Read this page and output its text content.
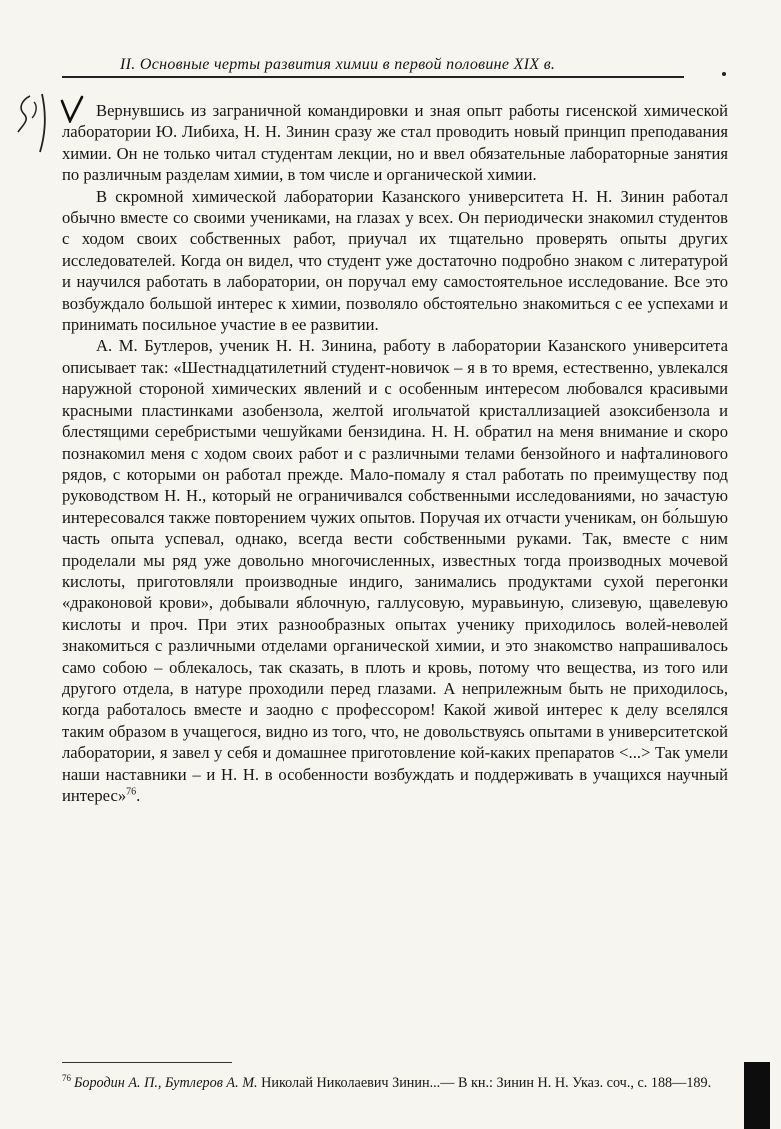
II. Основные черты развития химии в первой половине XIX в.

Вернувшись из заграничной командировки и зная опыт работы гисенской химической лаборатории Ю. Либиха, Н. Н. Зинин сразу же стал проводить новый принцип преподавания химии. Он не только читал студентам лекции, но и ввел обязательные лабораторные занятия по различным разделам химии, в том числе и органической химии.

В скромной химической лаборатории Казанского университета Н. Н. Зинин работал обычно вместе со своими учениками, на глазах у всех. Он периодически знакомил студентов с ходом своих собственных работ, приучал их тщательно проверять опыты других исследователей. Когда он видел, что студент уже достаточно подробно знаком с литературой и научился работать в лаборатории, он поручал ему самостоятельное исследование. Все это возбуждало большой интерес к химии, позволяло обстоятельно знакомиться с ее успехами и принимать посильное участие в ее развитии.

А. М. Бутлеров, ученик Н. Н. Зинина, работу в лаборатории Казанского университета описывает так: «Шестнадцатилетний студент-новичок – я в то время, естественно, увлекался наружной стороной химических явлений и с особенным интересом любовался красивыми красными пластинками азобензола, желтой игольчатой кристаллизацией азоксибензола и блестящими серебристыми чешуйками бензидина. Н. Н. обратил на меня внимание и скоро познакомил меня с ходом своих работ и с различными телами бензойного и нафталинового рядов, с которыми он работал прежде. Мало-помалу я стал работать по преимуществу под руководством Н. Н., который не ограничивался собственными исследованиями, но зачастую интересовался также повторением чужих опытов. Поручая их отчасти ученикам, он бо́льшую часть опыта успевал, однако, всегда вести собственными руками. Так, вместе с ним проделали мы ряд уже довольно многочисленных, известных тогда производных мочевой кислоты, приготовляли производные индиго, занимались продуктами сухой перегонки «драконовой крови», добывали яблочную, галлусовую, муравьиную, слизевую, щавелевую кислоты и проч. При этих разнообразных опытах ученику приходилось волей-неволей знакомиться с различными отделами органической химии, и это знакомство напрашивалось само собою – облекалось, так сказать, в плоть и кровь, потому что вещества, из того или другого отдела, в натуре проходили перед глазами. А неприлежным быть не приходилось, когда работалось вместе и заодно с профессором! Какой живой интерес к делу вселялся таким образом в учащегося, видно из того, что, не довольствуясь опытами в университетской лаборатории, я завел у себя и домашнее приготовление кой-каких препаратов <...> Так умели наши наставники – и Н. Н. в особенности возбуждать и поддерживать в учащихся научный интерес»$^{76}$.

$^{76}$ Бородин А. П., Бутлеров А. М. Николай Николаевич Зинин...— В кн.: Зинин Н. Н. Указ. соч., с. 188—189.
